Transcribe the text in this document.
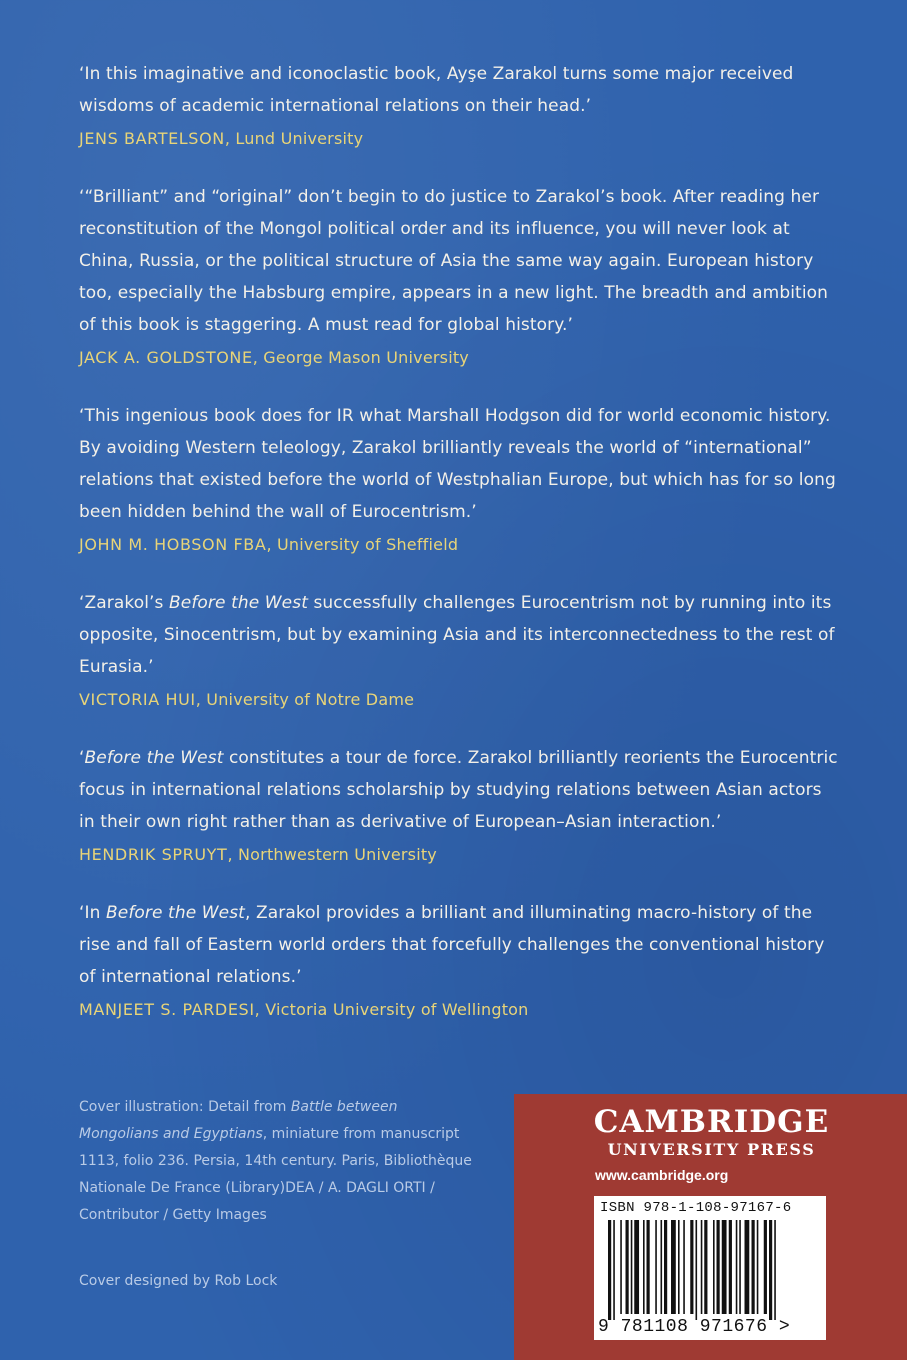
‘In this imaginative and iconoclastic book, Ayşe Zarakol turns some major received wisdoms of academic international relations on their head.’

JENS BARTELSON, Lund University

‘“Brilliant” and “original” don’t begin to do justice to Zarakol’s book. After reading her reconstitution of the Mongol political order and its influence, you will never look at China, Russia, or the political structure of Asia the same way again. European history too, especially the Habsburg empire, appears in a new light. The breadth and ambition of this book is staggering. A must read for global history.’

JACK A. GOLDSTONE, George Mason University

‘This ingenious book does for IR what Marshall Hodgson did for world economic history. By avoiding Western teleology, Zarakol brilliantly reveals the world of “international” relations that existed before the world of Westphalian Europe, but which has for so long been hidden behind the wall of Eurocentrism.’

JOHN M. HOBSON FBA, University of Sheffield

‘Zarakol’s Before the West successfully challenges Eurocentrism not by running into its opposite, Sinocentrism, but by examining Asia and its interconnectedness to the rest of Eurasia.’

VICTORIA HUI, University of Notre Dame

‘Before the West constitutes a tour de force. Zarakol brilliantly reorients the Eurocentric focus in international relations scholarship by studying relations between Asian actors in their own right rather than as derivative of European–Asian interaction.’

HENDRIK SPRUYT, Northwestern University

‘In Before the West, Zarakol provides a brilliant and illuminating macro-history of the rise and fall of Eastern world orders that forcefully challenges the conventional history of international relations.’

MANJEET S. PARDESI, Victoria University of Wellington

Cover illustration: Detail from Battle between Mongolians and Egyptians, miniature from manuscript 1113, folio 236. Persia, 14th century. Paris, Bibliothèque Nationale De France (Library)DEA / A. DAGLI ORTI / Contributor / Getty Images

Cover designed by Rob Lock
CAMBRIDGE
UNIVERSITY PRESS
www.cambridge.org
ISBN 978-1-108-97167-6
9 781108 971676 >
